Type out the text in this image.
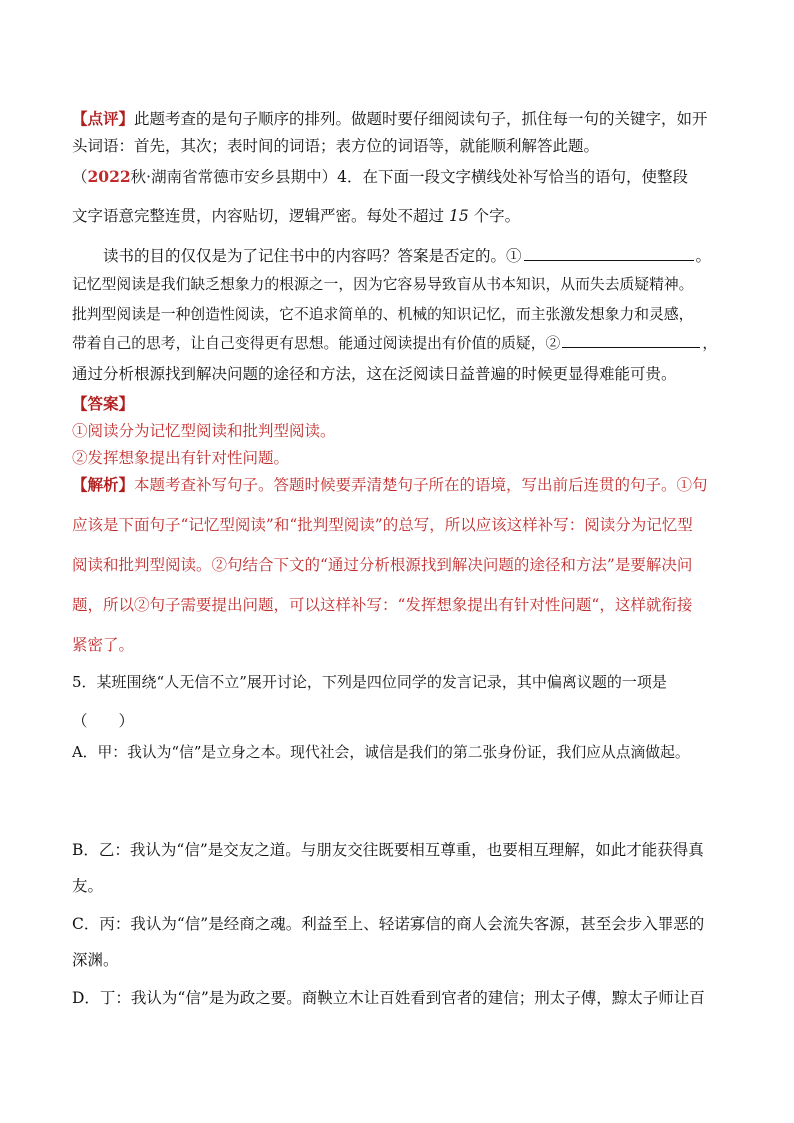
【点评】此题考查的是句子顺序的排列。做题时要仔细阅读句子，抓住每一句的关键字，如开
头词语：首先，其次；表时间的词语；表方位的词语等，就能顺利解答此题。
（2022秋·湖南省常德市安乡县期中）4．在下面一段文字横线处补写恰当的语句，使整段
文字语意完整连贯，内容贴切，逻辑严密。每处不超过 15 个字。
读书的目的仅仅是为了记住书中的内容吗？答案是否定的。①	。
记忆型阅读是我们缺乏想象力的根源之一，因为它容易导致盲从书本知识，从而失去质疑精神。
批判型阅读是一种创造性阅读，它不追求简单的、机械的知识记忆，而主张激发想象力和灵感，
带着自己的思考，让自己变得更有思想。能通过阅读提出有价值的质疑，②	，
通过分析根源找到解决问题的途径和方法，这在泛阅读日益普遍的时候更显得难能可贵。
【答案】
①阅读分为记忆型阅读和批判型阅读。
②发挥想象提出有针对性问题。
【解析】本题考查补写句子。答题时候要弄清楚句子所在的语境，写出前后连贯的句子。①句
应该是下面句子“记忆型阅读”和“批判型阅读”的总写，所以应该这样补写：阅读分为记忆型
阅读和批判型阅读。②句结合下文的“通过分析根源找到解决问题的途径和方法”是要解决问
题，所以②句子需要提出问题，可以这样补写：“发挥想象提出有针对性问题“，这样就衔接
紧密了。
5．某班围绕“人无信不立”展开讨论，下列是四位同学的发言记录，其中偏离议题的一项是
（　　）
A．甲：我认为“信”是立身之本。现代社会，诚信是我们的第二张身份证，我们应从点滴做起。
B．乙：我认为“信”是交友之道。与朋友交往既要相互尊重，也要相互理解，如此才能获得真
友。
C．丙：我认为“信”是经商之魂。利益至上、轻诺寡信的商人会流失客源，甚至会步入罪恶的
深渊。
D．丁：我认为“信”是为政之要。商鞅立木让百姓看到官者的建信；刑太子傅，黥太子师让百
